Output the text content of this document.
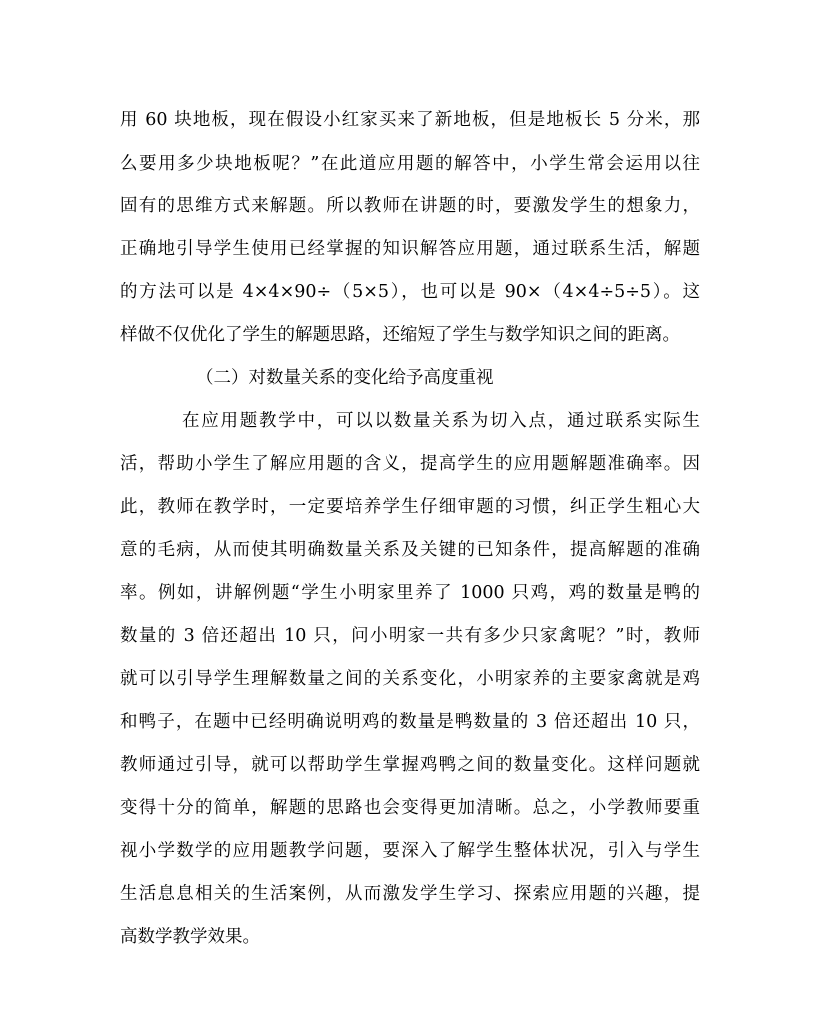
用 60 块地板，现在假设小红家买来了新地板，但是地板长 5 分米，那
么要用多少块地板呢？”在此道应用题的解答中，小学生常会运用以往
固有的思维方式来解题。所以教师在讲题的时，要激发学生的想象力，
正确地引导学生使用已经掌握的知识解答应用题，通过联系生活，解题
的方法可以是 4×4×90÷（5×5），也可以是 90×（4×4÷5÷5）。这
样做不仅优化了学生的解题思路，还缩短了学生与数学知识之间的距离。
（二）对数量关系的变化给予高度重视
在应用题教学中，可以以数量关系为切入点，通过联系实际生
活，帮助小学生了解应用题的含义，提高学生的应用题解题准确率。因
此，教师在教学时，一定要培养学生仔细审题的习惯，纠正学生粗心大
意的毛病，从而使其明确数量关系及关键的已知条件，提高解题的准确
率。例如，讲解例题“学生小明家里养了 1000 只鸡，鸡的数量是鸭的
数量的 3 倍还超出 10 只，问小明家一共有多少只家禽呢？”时，教师
就可以引导学生理解数量之间的关系变化，小明家养的主要家禽就是鸡
和鸭子，在题中已经明确说明鸡的数量是鸭数量的 3 倍还超出 10 只，
教师通过引导，就可以帮助学生掌握鸡鸭之间的数量变化。这样问题就
变得十分的简单，解题的思路也会变得更加清晰。总之，小学教师要重
视小学数学的应用题教学问题，要深入了解学生整体状况，引入与学生
生活息息相关的生活案例，从而激发学生学习、探索应用题的兴趣，提
高数学教学效果。
